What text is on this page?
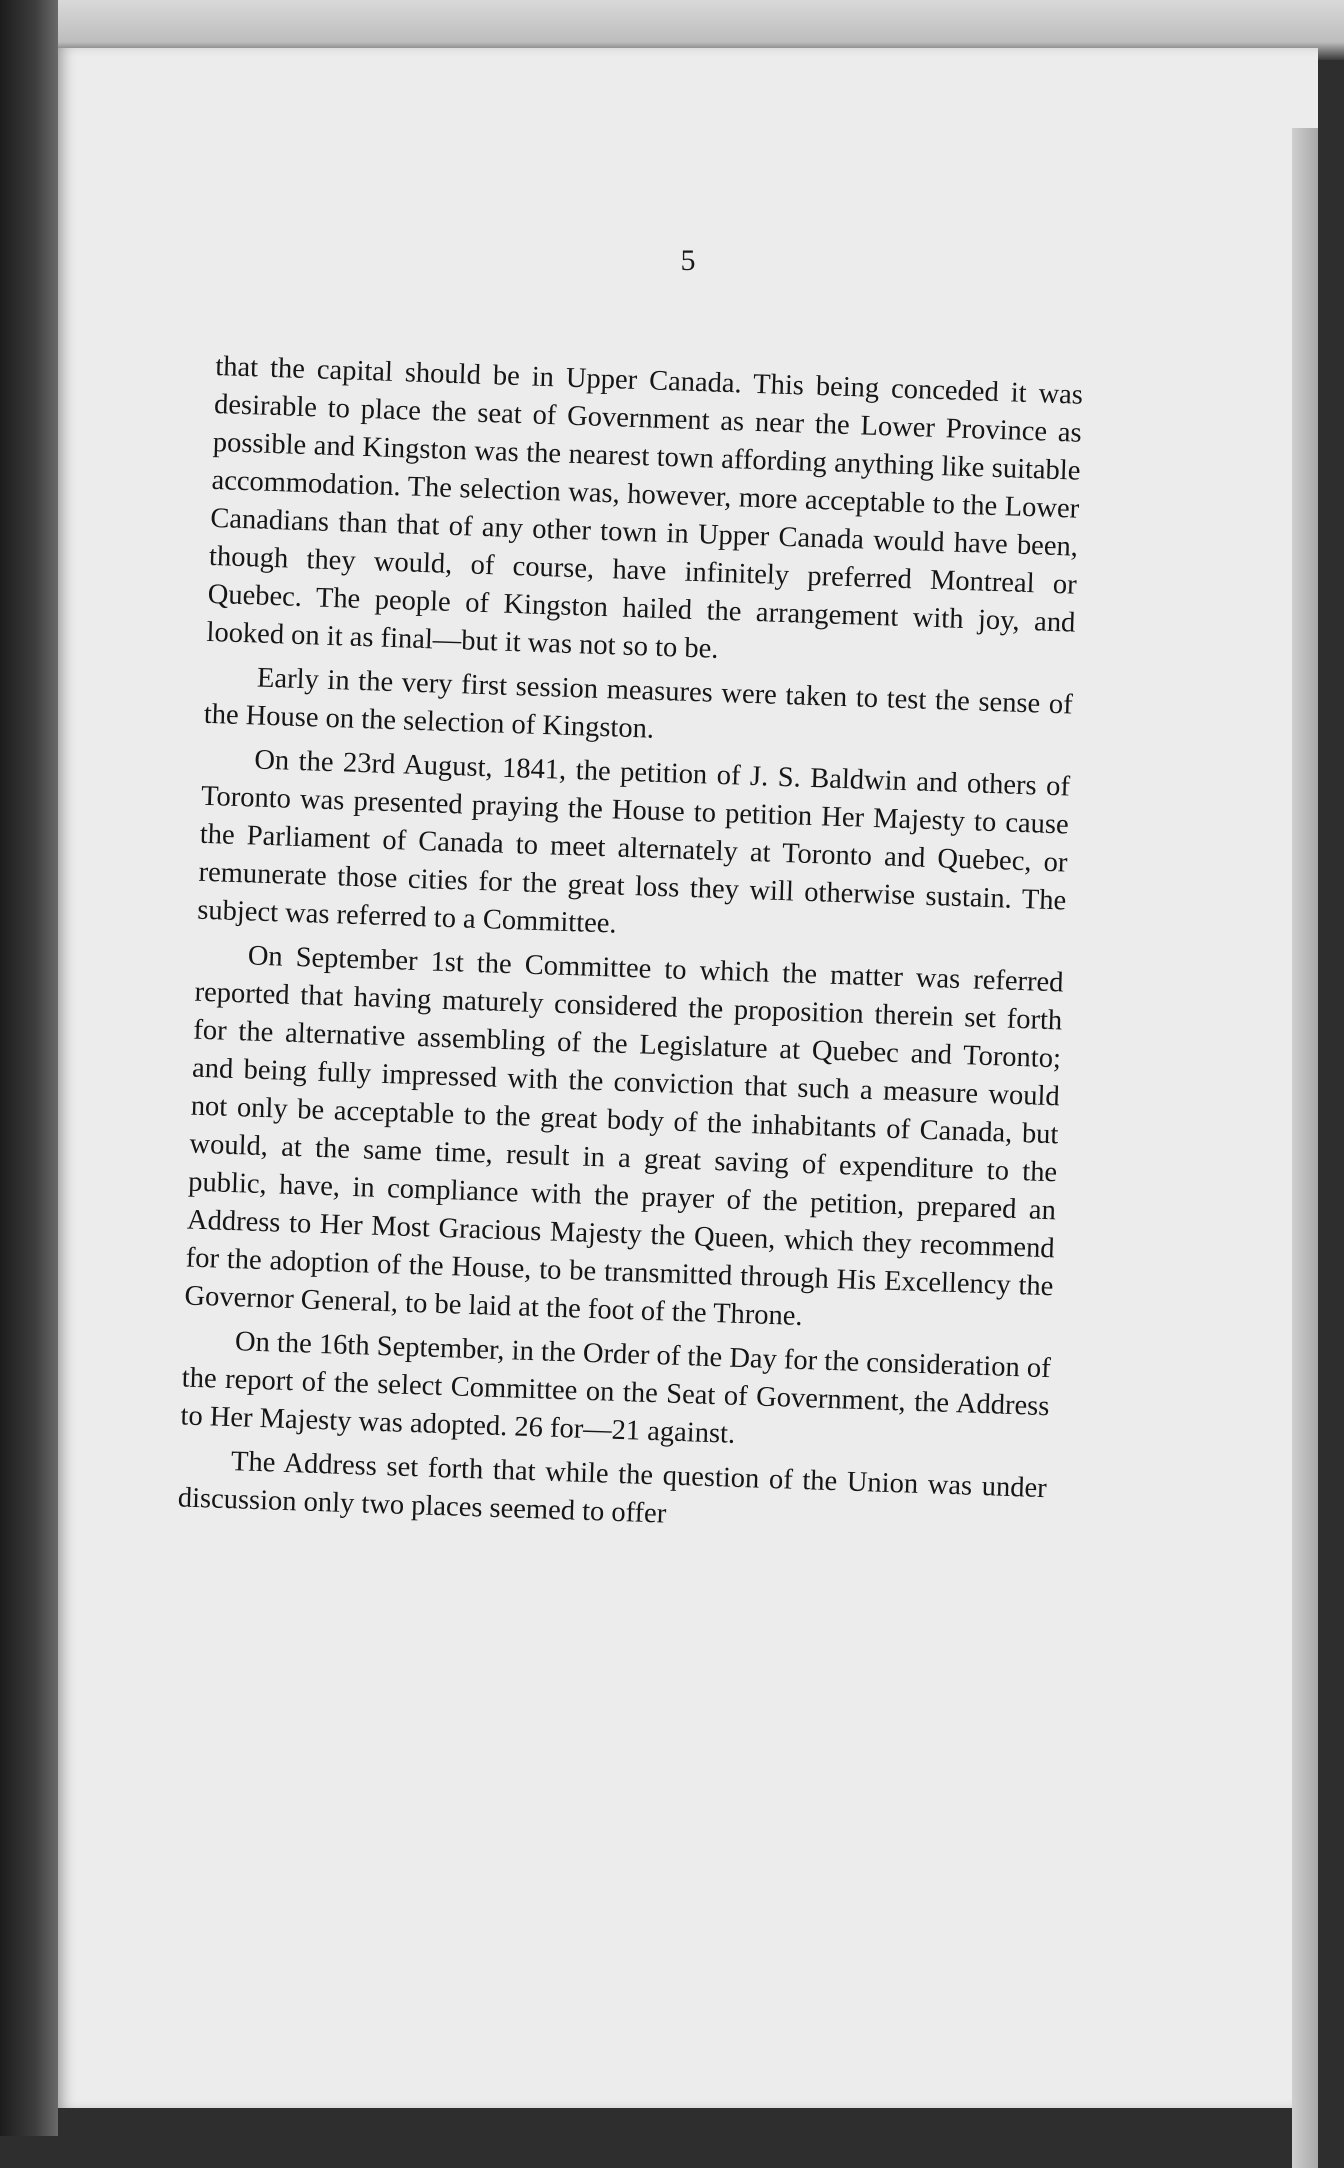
5

that the capital should be in Upper Canada. This being conceded it was desirable to place the seat of Government as near the Lower Province as possible and Kingston was the nearest town affording anything like suitable accommodation. The selection was, however, more acceptable to the Lower Canadians than that of any other town in Upper Canada would have been, though they would, of course, have infinitely preferred Montreal or Quebec. The people of Kingston hailed the arrangement with joy, and looked on it as final—but it was not so to be.

Early in the very first session measures were taken to test the sense of the House on the selection of Kingston.

On the 23rd August, 1841, the petition of J. S. Baldwin and others of Toronto was presented praying the House to petition Her Majesty to cause the Parliament of Canada to meet alternately at Toronto and Quebec, or remunerate those cities for the great loss they will otherwise sustain. The subject was referred to a Committee.

On September 1st the Committee to which the matter was referred reported that having maturely considered the proposition therein set forth for the alternative assembling of the Legislature at Quebec and Toronto; and being fully impressed with the conviction that such a measure would not only be acceptable to the great body of the inhabitants of Canada, but would, at the same time, result in a great saving of expenditure to the public, have, in compliance with the prayer of the petition, prepared an Address to Her Most Gracious Majesty the Queen, which they recommend for the adoption of the House, to be transmitted through His Excellency the Governor General, to be laid at the foot of the Throne.

On the 16th September, in the Order of the Day for the consideration of the report of the select Committee on the Seat of Government, the Address to Her Majesty was adopted. 26 for—21 against.

The Address set forth that while the question of the Union was under discussion only two places seemed to offer
